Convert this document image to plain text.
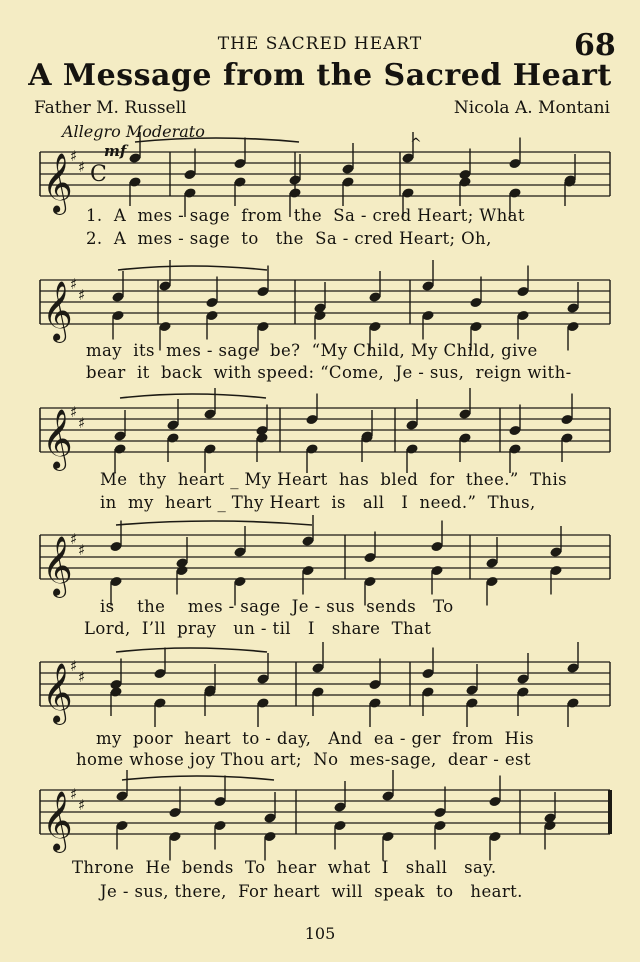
THE SACRED HEART	68
A Message from the Sacred Heart
Father M. Russell	Nicola A. Montani
Allegro Moderato
mf	^
𝄞
♯
♯ C
𝄞
♯
♯
𝄞
♯
♯
𝄞
♯
♯
𝄞
♯
♯
𝄞
♯
♯
1.  A  mes - sage  from  the  Sa - cred Heart; What
2.  A  mes - sage  to   the  Sa - cred Heart; Oh,
may  its  mes - sage  be?  “My Child, My Child, give
bear  it  back  with speed: “Come,  Je - sus,  reign with-
Me  thy  heart _ My Heart  has  bled  for  thee.”  This
in  my  heart _ Thy Heart  is   all   I  need.”  Thus,
is    the    mes - sage  Je - sus  sends   To
Lord,  I’ll  pray   un - til   I   share  That
my  poor  heart  to - day,   And  ea - ger  from  His
home whose joy Thou art;  No  mes-sage,  dear - est
Throne  He  bends  To  hear  what  I   shall   say.
Je - sus, there,  For heart  will  speak  to   heart.
105
